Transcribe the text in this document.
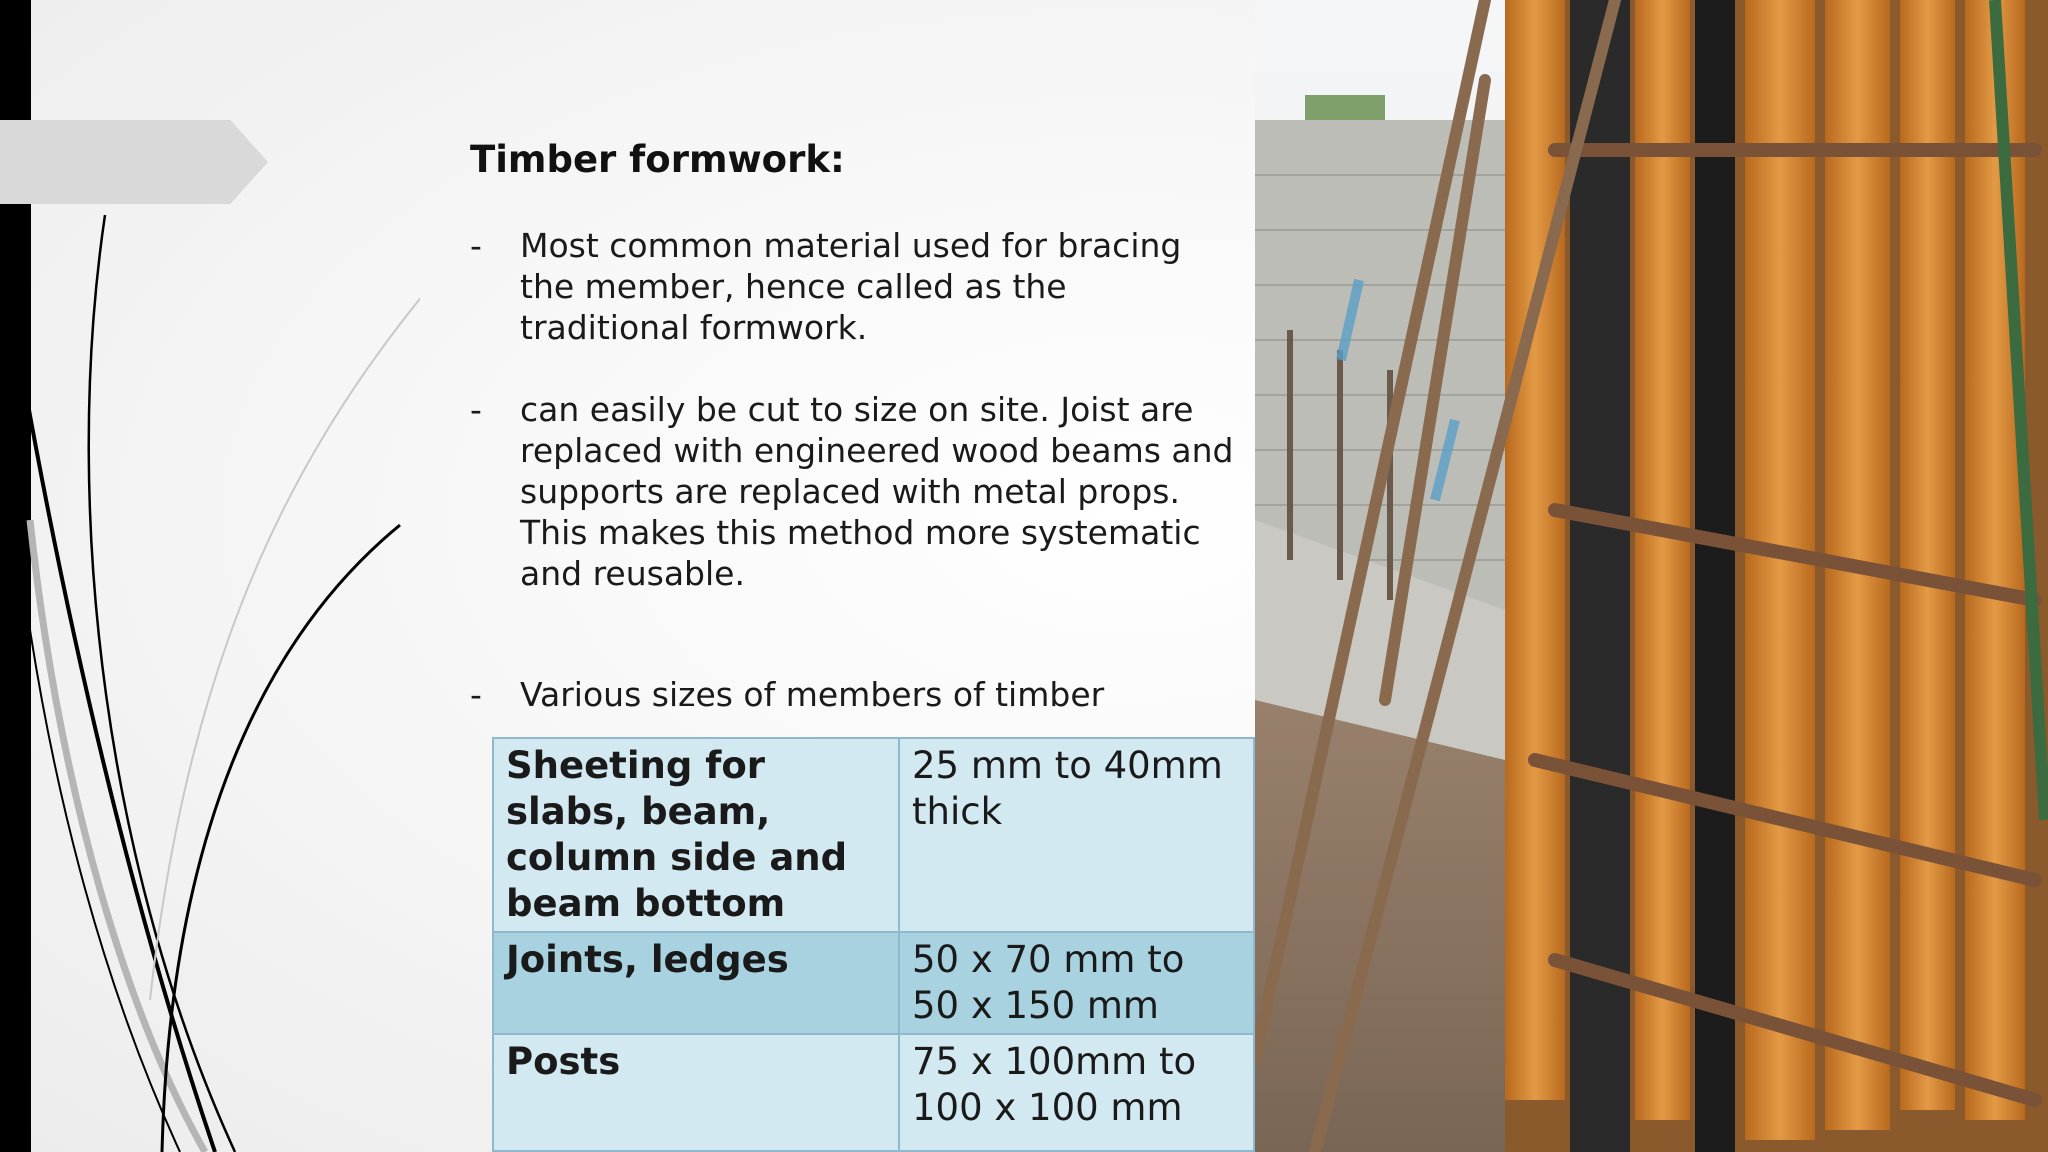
Timber formwork:
- Most common material used for bracing the member, hence called as the traditional formwork.
- can easily be cut to size on site. Joist are replaced with engineered wood beams and supports are replaced with metal props. This makes this method more systematic and reusable.
- Various sizes of members of timber
Sheeting for slabs, beam, column side and beam bottom	25 mm to 40mm thick
Joints, ledges	50 x 70 mm to 50 x 150 mm
Posts	75 x 100mm to 100 x 100 mm
